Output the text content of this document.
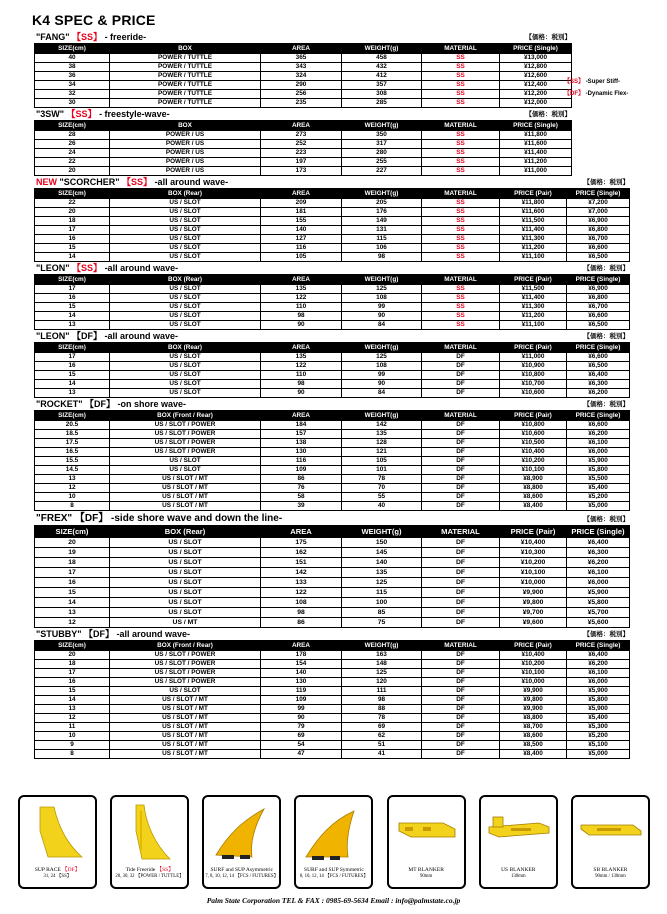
K4 SPEC & PRICE
"FANG" 【SS】 - freeride-	【価格：税別】
SIZE(cm)	BOX	AREA	WEIGHT(g)	MATERIAL	PRICE (Single)
40	POWER / TUTTLE	365	458	SS	¥13,000
38	POWER / TUTTLE	343	432	SS	¥12,800
36	POWER / TUTTLE	324	412	SS	¥12,600
34	POWER / TUTTLE	290	357	SS	¥12,400
32	POWER / TUTTLE	256	308	SS	¥12,200
30	POWER / TUTTLE	235	285	SS	¥12,000
"3SW" 【SS】 - freestyle-wave-	【価格：税別】
SIZE(cm)	BOX	AREA	WEIGHT(g)	MATERIAL	PRICE (Single)
28	POWER / US	273	350	SS	¥11,800
26	POWER / US	252	317	SS	¥11,600
24	POWER / US	223	280	SS	¥11,400
22	POWER / US	197	255	SS	¥11,200
20	POWER / US	173	227	SS	¥11,000
NEW "SCORCHER" 【SS】 -all around wave-	【価格：税別】
SIZE(cm)	BOX (Rear)	AREA	WEIGHT(g)	MATERIAL	PRICE (Pair)	PRICE (Single)
22	US / SLOT	209	205	SS	¥11,800	¥7,200
20	US / SLOT	181	176	SS	¥11,600	¥7,000
18	US / SLOT	155	149	SS	¥11,500	¥6,900
17	US / SLOT	140	131	SS	¥11,400	¥6,800
16	US / SLOT	127	115	SS	¥11,300	¥6,700
15	US / SLOT	116	106	SS	¥11,200	¥6,600
14	US / SLOT	105	98	SS	¥11,100	¥6,500
"LEON" 【SS】 -all around wave-	【価格：税別】
SIZE(cm)	BOX (Rear)	AREA	WEIGHT(g)	MATERIAL	PRICE (Pair)	PRICE (Single)
17	US / SLOT	135	125	SS	¥11,500	¥6,900
16	US / SLOT	122	108	SS	¥11,400	¥6,800
15	US / SLOT	110	99	SS	¥11,300	¥6,700
14	US / SLOT	98	90	SS	¥11,200	¥6,600
13	US / SLOT	90	84	SS	¥11,100	¥6,500
"LEON" 【DF】 -all around wave-	【価格：税別】
SIZE(cm)	BOX (Rear)	AREA	WEIGHT(g)	MATERIAL	PRICE (Pair)	PRICE (Single)
17	US / SLOT	135	125	DF	¥11,000	¥6,600
16	US / SLOT	122	108	DF	¥10,900	¥6,500
15	US / SLOT	110	99	DF	¥10,800	¥6,400
14	US / SLOT	98	90	DF	¥10,700	¥6,300
13	US / SLOT	90	84	DF	¥10,600	¥6,200
"ROCKET" 【DF】 -on shore wave-	【価格：税別】
SIZE(cm)	BOX (Front / Rear)	AREA	WEIGHT(g)	MATERIAL	PRICE (Pair)	PRICE (Single)
20.5	US / SLOT / POWER	184	142	DF	¥10,800	¥6,600
18.5	US / SLOT / POWER	157	135	DF	¥10,600	¥6,200
17.5	US / SLOT / POWER	138	128	DF	¥10,500	¥6,100
16.5	US / SLOT / POWER	130	121	DF	¥10,400	¥6,000
15.5	US / SLOT	116	105	DF	¥10,200	¥5,900
14.5	US / SLOT	109	101	DF	¥10,100	¥5,800
13	US / SLOT / MT	86	78	DF	¥8,900	¥5,500
12	US / SLOT / MT	76	70	DF	¥8,800	¥5,400
10	US / SLOT / MT	58	55	DF	¥8,600	¥5,200
8	US / SLOT / MT	39	40	DF	¥8,400	¥5,000
"FREX" 【DF】 -side shore wave and down the line-	【価格：税別】
SIZE(cm)	BOX (Rear)	AREA	WEIGHT(g)	MATERIAL	PRICE (Pair)	PRICE (Single)
20	US / SLOT	175	150	DF	¥10,400	¥6,400
19	US / SLOT	162	145	DF	¥10,300	¥6,300
18	US / SLOT	151	140	DF	¥10,200	¥6,200
17	US / SLOT	142	135	DF	¥10,100	¥6,100
16	US / SLOT	133	125	DF	¥10,000	¥6,000
15	US / SLOT	122	115	DF	¥9,900	¥5,900
14	US / SLOT	108	100	DF	¥9,800	¥5,800
13	US / SLOT	98	85	DF	¥9,700	¥5,700
12	US / MT	86	75	DF	¥9,600	¥5,600
"STUBBY" 【DF】 -all around wave-	【価格：税別】
SIZE(cm)	BOX (Front / Rear)	AREA	WEIGHT(g)	MATERIAL	PRICE (Pair)	PRICE (Single)
20	US / SLOT / POWER	178	163	DF	¥10,400	¥6,400
18	US / SLOT / POWER	154	148	DF	¥10,200	¥6,200
17	US / SLOT / POWER	140	125	DF	¥10,100	¥6,100
16	US / SLOT / POWER	130	120	DF	¥10,000	¥6,000
15	US / SLOT	119	111	DF	¥9,900	¥5,900
14	US / SLOT / MT	109	98	DF	¥9,800	¥5,800
13	US / SLOT / MT	99	88	DF	¥9,900	¥5,900
12	US / SLOT / MT	90	78	DF	¥8,800	¥5,400
11	US / SLOT / MT	79	69	DF	¥8,700	¥5,300
10	US / SLOT / MT	69	62	DF	¥8,600	¥5,200
9	US / SLOT / MT	54	51	DF	¥8,500	¥5,100
8	US / SLOT / MT	47	41	DF	¥8,400	¥5,000
【SS】 -Super Stiff-
【DF】 -Dynamic Flex-
SUP RACE 【DF】
31, 24 【SS】
Tide Freeride 【SS】
28, 30, 32 【POWER / TUTTLE】
SURF and SUP Asymmetric
7, 8, 10, 12, 14 【FCS / FUTURES】
SURF and SUP Symmetric
8, 10, 12, 14 【FCS / FUTURES】
MT BLANKER
90mm
US BLANKER
130mm
SB BLANKER
90mm / 130mm
Palm State Corporation TEL & FAX : 0985-69-5634 Email : info@palmstate.co.jp
